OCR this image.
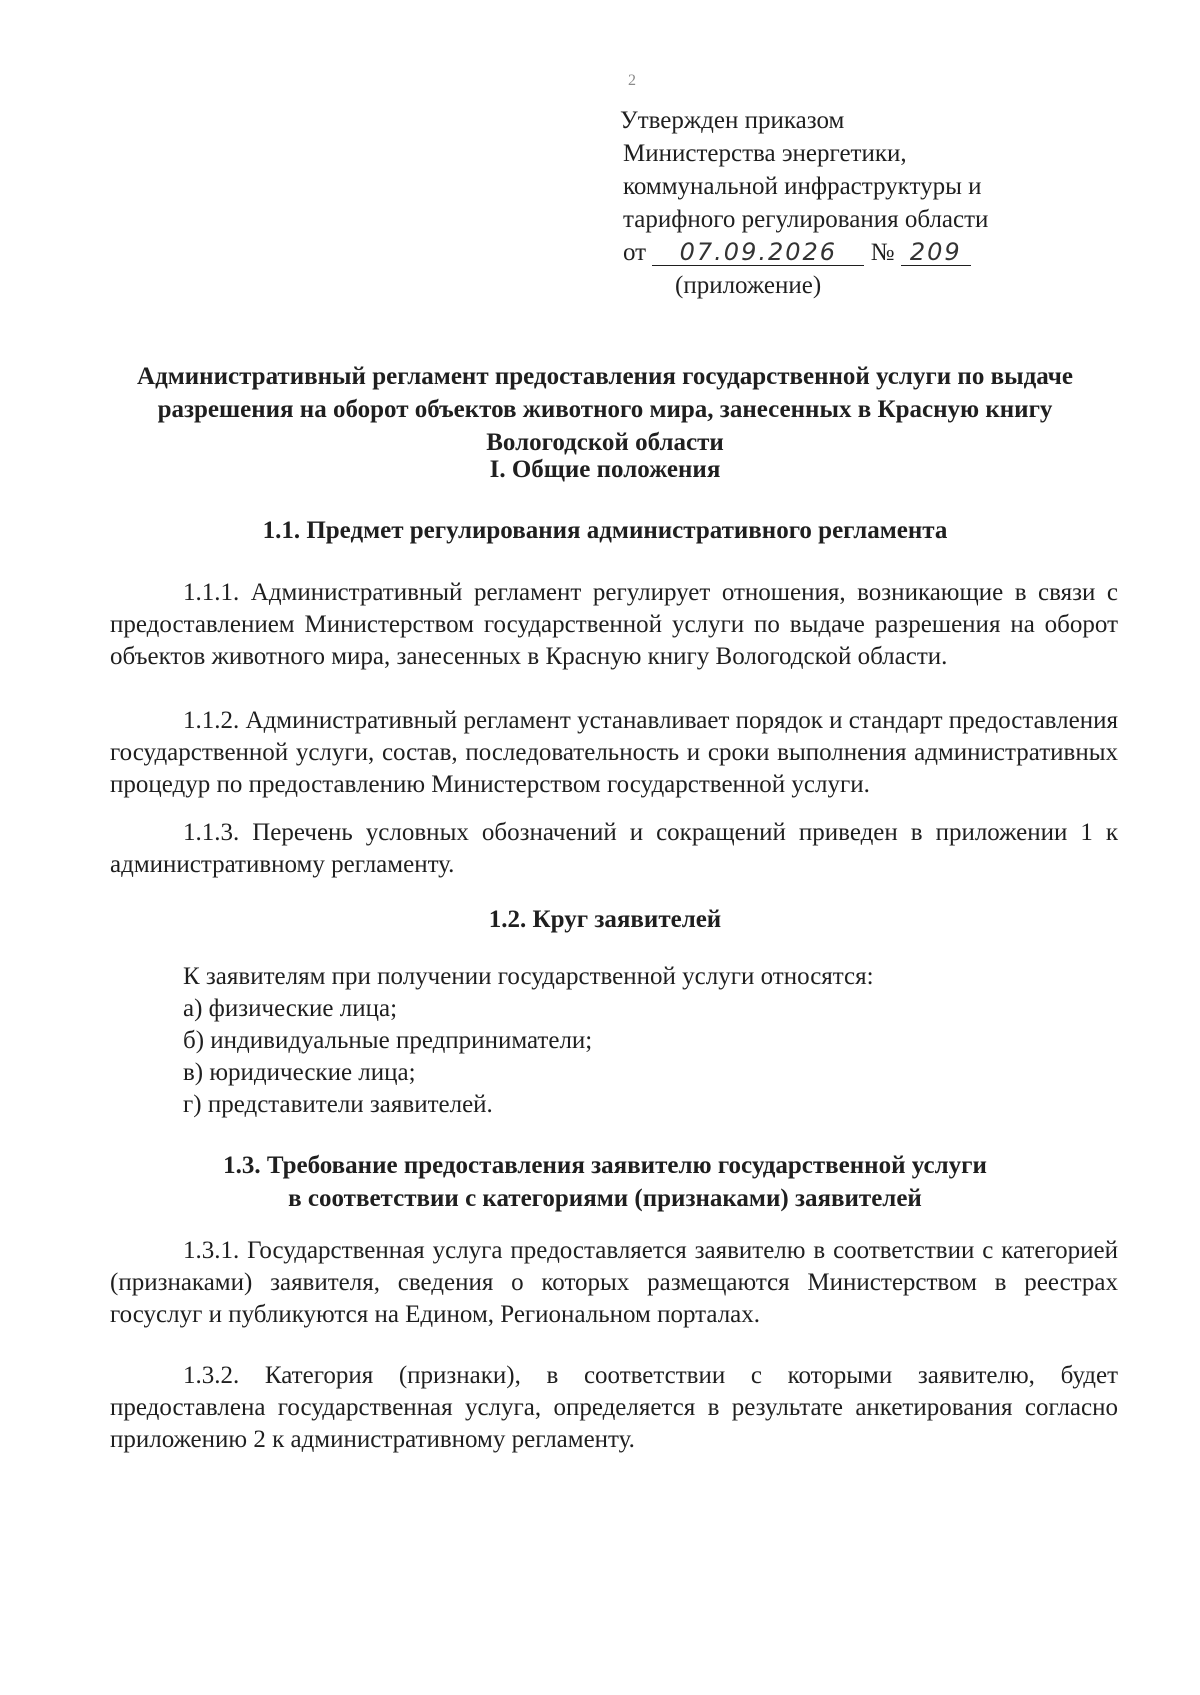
2
Утвержден приказом
Министерства энергетики,
коммунальной инфраструктуры и
тарифного регулирования области
от 07.09.2026 № 209
(приложение)
Административный регламент предоставления государственной услуги по выдаче разрешения на оборот объектов животного мира, занесенных в Красную книгу Вологодской области
I. Общие положения
1.1. Предмет регулирования административного регламента
1.1.1. Административный регламент регулирует отношения, возникающие в связи с предоставлением Министерством государственной услуги по выдаче разрешения на оборот объектов животного мира, занесенных в Красную книгу Вологодской области.
1.1.2. Административный регламент устанавливает порядок и стандарт предоставления государственной услуги, состав, последовательность и сроки выполнения административных процедур по предоставлению Министерством государственной услуги.
1.1.3. Перечень условных обозначений и сокращений приведен в приложении 1 к административному регламенту.
1.2. Круг заявителей
К заявителям при получении государственной услуги относятся:
а) физические лица;
б) индивидуальные предприниматели;
в) юридические лица;
г) представители заявителей.
1.3. Требование предоставления заявителю государственной услуги
в соответствии с категориями (признаками) заявителей
1.3.1. Государственная услуга предоставляется заявителю в соответствии с категорией (признаками) заявителя, сведения о которых размещаются Министерством в реестрах госуслуг и публикуются на Едином, Региональном порталах.
1.3.2. Категория (признаки), в соответствии с которыми заявителю, будет предоставлена государственная услуга, определяется в результате анкетирования согласно приложению 2 к административному регламенту.
